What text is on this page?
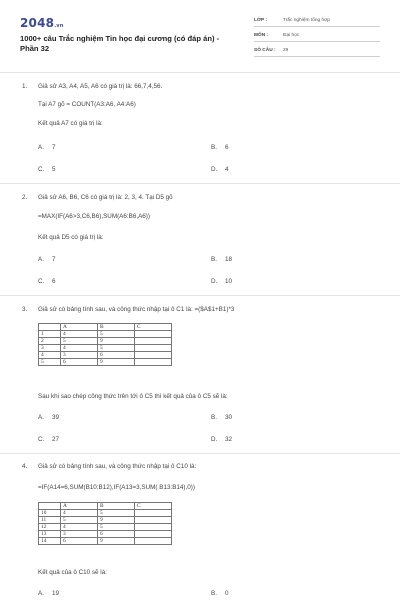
2048.vn
1000+ câu Trắc nghiệm Tin học đại cương (có đáp án) -
Phần 32
LỚP :	Trắc nghiệm tổng hợp
MÔN :	Đại học
SỐ CÂU : 29
1. Giả sử A3, A4, A5, A6 có giá trị là: 66,7,4,56.
Tại A7 gõ = COUNT(A3:A6, A4:A6)
Kết quả A7 có giá trị là:
A. 7	B. 6
C. 5	D. 4
2. Giả sử A6, B6, C6 có giá trị là: 2, 3, 4. Tại D5 gõ
=MAX(IF(A6>3,C6,B6),SUM(A6:B6,A6))
Kết quả D5 có giá trị là:
A. 7	B. 18
C. 6	D. 10
3. Giả sử có bảng tính sau, và công thức nhập tại ô C1 là: =($A$1+B1)*3
	A	B	C
1	4	5	
2	5	9	
3	4	5	
4	3	6	
5	6	9	
Sau khi sao chép công thức trên tới ô C5 thì kết quả của ô C5 sẽ là:
A. 39	B. 30
C. 27	D. 32
4. Giả sử có bảng tính sau, và công thức nhập tại ô C10 là:
=IF(A14=6,SUM(B10:B12),IF(A13=3,SUM( B13:B14),0))
	A	B	C
10	4	5	
11	5	9	
12	4	5	
13	3	6	
14	6	9	
Kết quả của ô C10 sẽ là:
A. 19	B. 0
